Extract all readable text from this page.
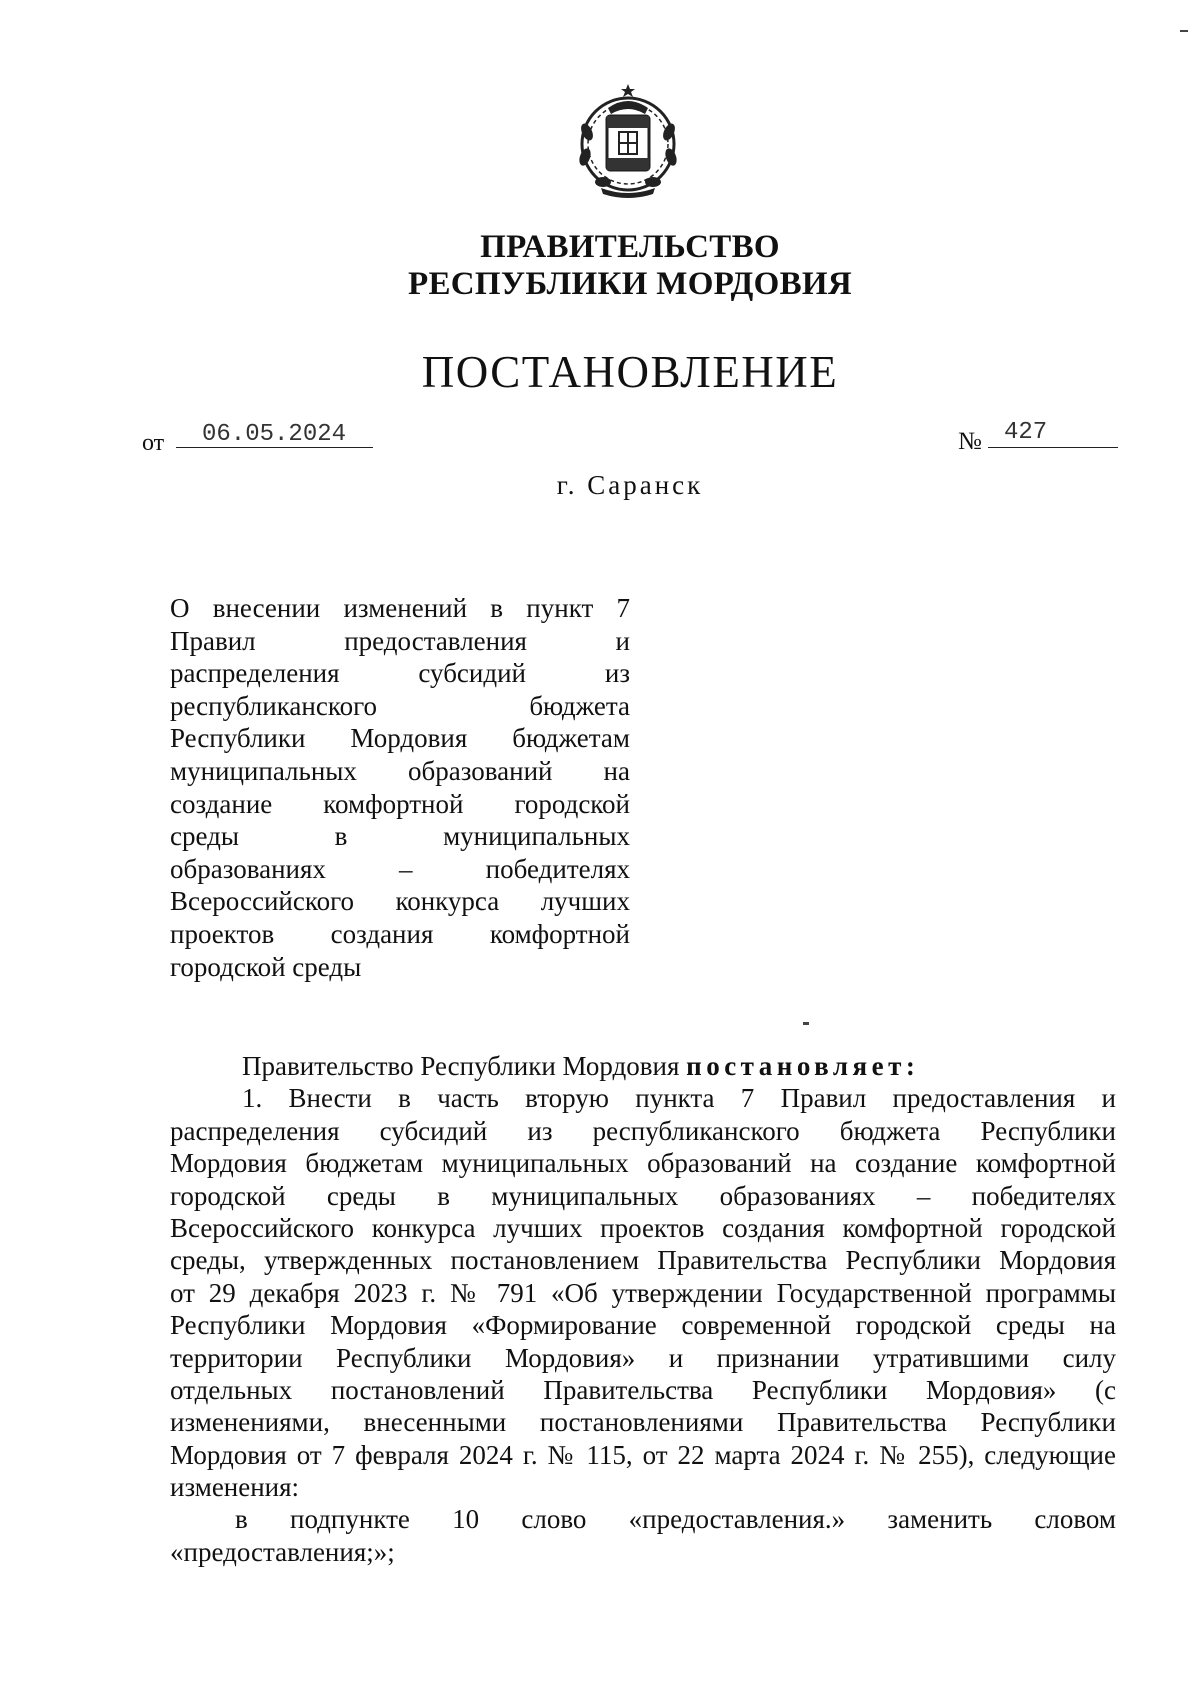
ПРАВИТЕЛЬСТВО
РЕСПУБЛИКИ МОРДОВИЯ
ПОСТАНОВЛЕНИЕ
от 06.05.2024	№ 427
г. Саранск
О внесении изменений в пункт 7
Правил предоставления и
распределения субсидий из
республиканского бюджета
Республики Мордовия бюджетам
муниципальных образований на
создание комфортной городской
среды в муниципальных
образованиях – победителях
Всероссийского конкурса лучших
проектов создания комфортной
городской среды
Правительство Республики Мордовия постановляет:
1. Внести в часть вторую пункта 7 Правил предоставления и
распределения субсидий из республиканского бюджета Республики
Мордовия бюджетам муниципальных образований на создание комфортной
городской среды в муниципальных образованиях – победителях
Всероссийского конкурса лучших проектов создания комфортной городской
среды, утвержденных постановлением Правительства Республики Мордовия
от 29 декабря 2023 г. № 791 «Об утверждении Государственной программы
Республики Мордовия «Формирование современной городской среды на
территории Республики Мордовия» и признании утратившими силу
отдельных постановлений Правительства Республики Мордовия» (с
изменениями, внесенными постановлениями Правительства Республики
Мордовия от 7 февраля 2024 г. № 115, от 22 марта 2024 г. № 255), следующие
изменения:
в подпункте 10 слово «предоставления.» заменить словом
«предоставления;»;
